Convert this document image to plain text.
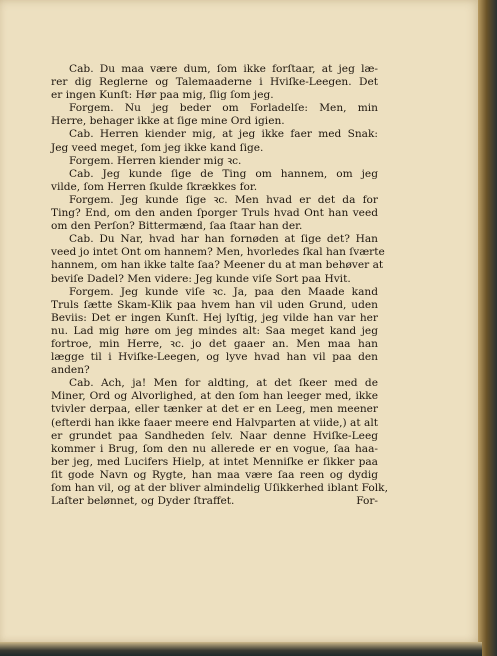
Cab. Du maa være dum, ſom ikke forſtaar, at jeg læ-
rer dig Reglerne og Talemaaderne i Hviſke-Leegen. Det
er ingen Kunſt: Hør paa mig, ſlig ſom jeg.
Forgem. Nu jeg beder om Forladelſe: Men, min
Herre, behager ikke at ſige mine Ord igien.
Cab. Herren kiender mig, at jeg ikke faer med Snak:
Jeg veed meget, ſom jeg ikke kand ſige.
Forgem. Herren kiender mig ꝛc.
Cab. Jeg kunde ſige de Ting om hannem, om jeg
vilde, ſom Herren ſkulde ſkrækkes for.
Forgem. Jeg kunde ſige ꝛc. Men hvad er det da for
Ting? End, om den anden ſporger Truls hvad Ont han veed
om den Perſon? Bittermænd, ſaa ſtaar han der.
Cab. Du Nar, hvad har han fornøden at ſige det? Han
veed jo intet Ont om hannem? Men, hvorledes ſkal han ſværte
hannem, om han ikke talte ſaa? Meener du at man behøver at
beviſe Dadel? Men videre: Jeg kunde viſe Sort paa Hvit.
Forgem. Jeg kunde viſe ꝛc. Ja, paa den Maade kand
Truls ſætte Skam-Klik paa hvem han vil uden Grund, uden
Beviis: Det er ingen Kunſt. Hej lyſtig, jeg vilde han var her
nu. Lad mig høre om jeg mindes alt: Saa meget kand jeg
fortroe, min Herre, ꝛc. jo det gaaer an. Men maa han
lægge til i Hviſke-Leegen, og lyve hvad han vil paa den
anden?
Cab. Ach, ja! Men for aldting, at det ſkeer med de
Miner, Ord og Alvorlighed, at den ſom han leeger med, ikke
tvivler derpaa, eller tænker at det er en Leeg, men meener
(efterdi han ikke faaer meere end Halvparten at viide,) at alt
er grundet paa Sandheden ſelv. Naar denne Hviſke-Leeg
kommer i Brug, ſom den nu allerede er en vogue, ſaa haa-
ber jeg, med Lucifers Hielp, at intet Menniſke er ſikker paa
ſit gode Navn og Rygte, han maa være ſaa reen og dydig
ſom han vil, og at der bliver almindelig Uſikkerhed iblant Folk,
Laſter belønnet, og Dyder ſtraffet.	For-
